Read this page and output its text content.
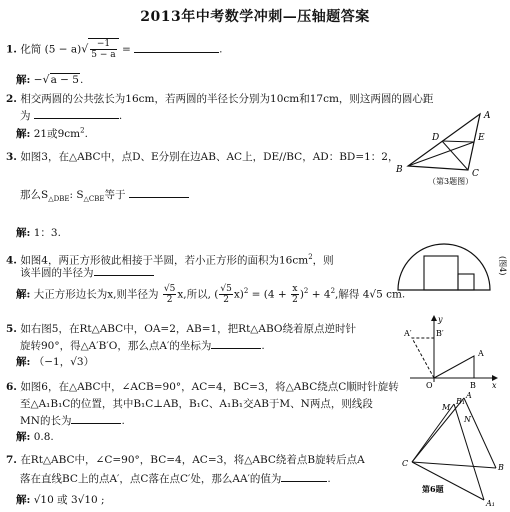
2013年中考数学冲刺—压轴题答案
1. 化简 $(5 - a)√ \frac{-1}{5 - a}$ =	.
解: −√a − 5.
2. 相交两圆的公共弦长为16cm，若两圆的半径长分别为10cm和17cm，则这两圆的圆心距
为	.
解: 21或$9cm^2$.
3. 如图3，在△ABC中，点D、E分别在边AB、AC上，DE//BC，AD：BD=1：2，
那么$S_{\triangle DBE}$: $S_{\triangle CBE}$等于
解: 1：3.
A
D	E
B	C
（第3题图）
4. 如图4，两正方形彼此相接于半圆，若小正方形的面积为$16cm^2$，则
该半圆的半径为
解: 大正方形边长为x,则半径为 $\frac{√5}{2} x$,所以, ( $\frac{√5}{2} x)^2 = (4 + \frac{x}{2} )^2 + 4^2$,解得 4√5 cm.
(图4)
5. 如右图5，在Rt△ABC中，OA=2，AB=1，把Rt△ABO绕着原点逆时针
旋转90°，得△A′B′O，那么点A′的坐标为	.
解: （−1，√3）
y
A′	B′
A
O	B x
6. 如图6，在△ABC中，∠ACB=90°，AC=4，BC=3，将△ABC绕点C顺时针旋转
至△A₁B₁C的位置，其中B₁C⊥AB，B₁C、A₁B₁交AB于M、N两点，则线段
MN的长为	.
解: 0.8.
A
M
B₁
N
C	B
A₁
第6题
7. 在Rt△ABC中，∠C=90°，BC=4，AC=3，将△ABC绕着点B旋转后点A
落在直线BC上的点A′，点C落在点C′处，那么AA′的值为	.
解: √10 或 3√10 ;
